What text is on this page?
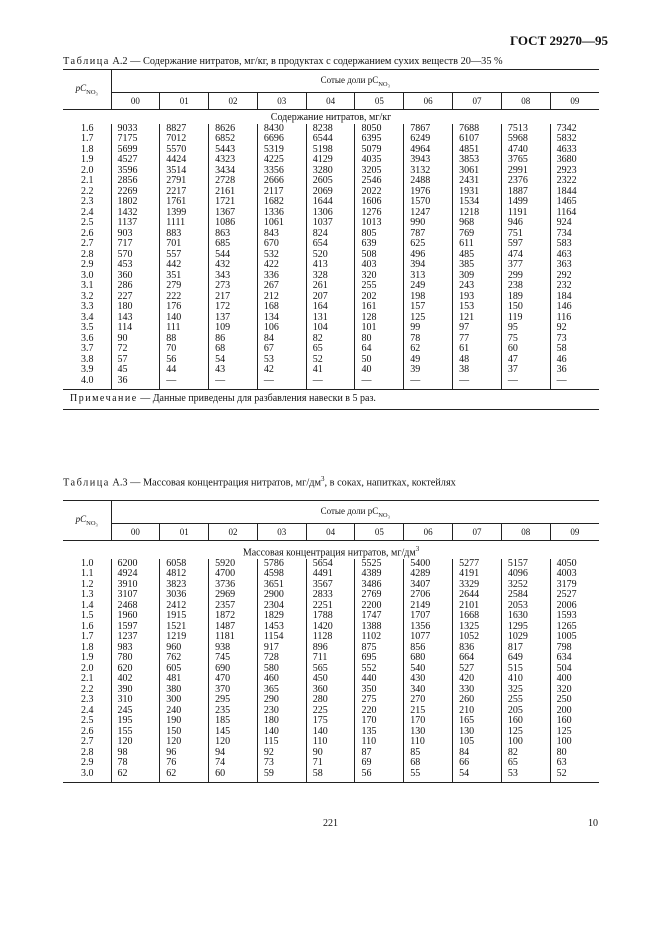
ГОСТ 29270—95
Таблица А.2 — Содержание нитратов, мг/кг, в продуктах с содержанием сухих веществ 20—35 %
$pC_{NO_3}$	Сотые доли $pC_{NO_3}$
	00	01	02	03	04	05	06	07	08	09
Содержание нитратов, мг/кг										
1.6	9033	8827	8626	8430	8238	8050	7867	7688	7513	7342
1.7	7175	7012	6852	6696	6544	6395	6249	6107	5968	5832
1.8	5699	5570	5443	5319	5198	5079	4964	4851	4740	4633
1.9	4527	4424	4323	4225	4129	4035	3943	3853	3765	3680
2.0	3596	3514	3434	3356	3280	3205	3132	3061	2991	2923
2.1	2856	2791	2728	2666	2605	2546	2488	2431	2376	2322
2.2	2269	2217	2161	2117	2069	2022	1976	1931	1887	1844
2.3	1802	1761	1721	1682	1644	1606	1570	1534	1499	1465
2.4	1432	1399	1367	1336	1306	1276	1247	1218	1191	1164
2.5	1137	1111	1086	1061	1037	1013	990	968	946	924
2.6	903	883	863	843	824	805	787	769	751	734
2.7	717	701	685	670	654	639	625	611	597	583
2.8	570	557	544	532	520	508	496	485	474	463
2.9	453	442	432	422	413	403	394	385	377	363
3.0	360	351	343	336	328	320	313	309	299	292
3.1	286	279	273	267	261	255	249	243	238	232
3.2	227	222	217	212	207	202	198	193	189	184
3.3	180	176	172	168	164	161	157	153	150	146
3.4	143	140	137	134	131	128	125	121	119	116
3.5	114	111	109	106	104	101	99	97	95	92
3.6	90	88	86	84	82	80	78	77	75	73
3.7	72	70	68	67	65	64	62	61	60	58
3.8	57	56	54	53	52	50	49	48	47	46
3.9	45	44	43	42	41	40	39	38	37	36
4.0	36	—	—	—	—	—	—	—	—	—
Примечание — Данные приведены для разбавления навески в 5 раз.										
Таблица А.3 — Массовая концентрация нитратов, $мг/дм^3$, в соках, напитках, коктейлях
$pC_{NO_3}$	Сотые доли $pC_{NO_3}$
	00	01	02	03	04	05	06	07	08	09
Массовая концентрация нитратов, $мг/дм^3$
1.0	6200	6058	5920	5786	5654	5525	5400	5277	5157	4050
1.1	4924	4812	4700	4598	4491	4389	4289	4191	4096	4003
1.2	3910	3823	3736	3651	3567	3486	3407	3329	3252	3179
1.3	3107	3036	2969	2900	2833	2769	2706	2644	2584	2527
1.4	2468	2412	2357	2304	2251	2200	2149	2101	2053	2006
1.5	1960	1915	1872	1829	1788	1747	1707	1668	1630	1593
1.6	1597	1521	1487	1453	1420	1388	1356	1325	1295	1265
1.7	1237	1219	1181	1154	1128	1102	1077	1052	1029	1005
1.8	983	960	938	917	896	875	856	836	817	798
1.9	780	762	745	728	711	695	680	664	649	634
2.0	620	605	690	580	565	552	540	527	515	504
2.1	402	481	470	460	450	440	430	420	410	400
2.2	390	380	370	365	360	350	340	330	325	320
2.3	310	300	295	290	280	275	270	260	255	250
2.4	245	240	235	230	225	220	215	210	205	200
2.5	195	190	185	180	175	170	170	165	160	160
2.6	155	150	145	140	140	135	130	130	125	125
2.7	120	120	120	115	110	110	110	105	100	100
2.8	98	96	94	92	90	87	85	84	82	80
2.9	78	76	74	73	71	69	68	66	65	63
3.0	62	62	60	59	58	56	55	54	53	52
221	10
